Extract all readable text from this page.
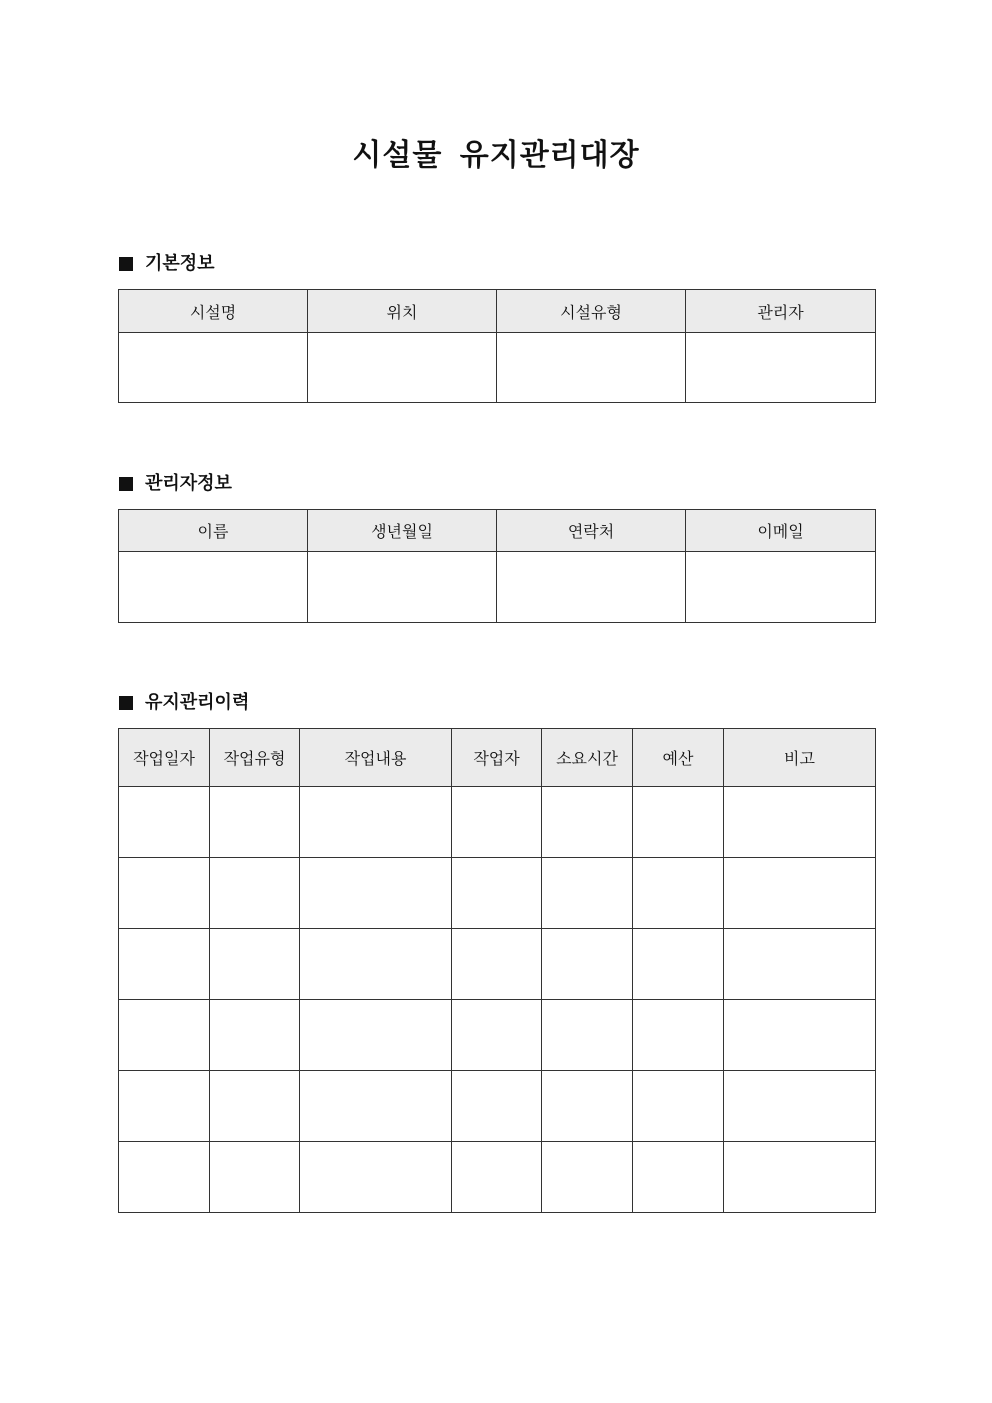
시설물 유지관리대장
기본정보
시설명	위치	시설유형	관리자

관리자정보
이름	생년월일	연락처	이메일

유지관리이력
작업일자	작업유형	작업내용	작업자	소요시간	예산	비고
